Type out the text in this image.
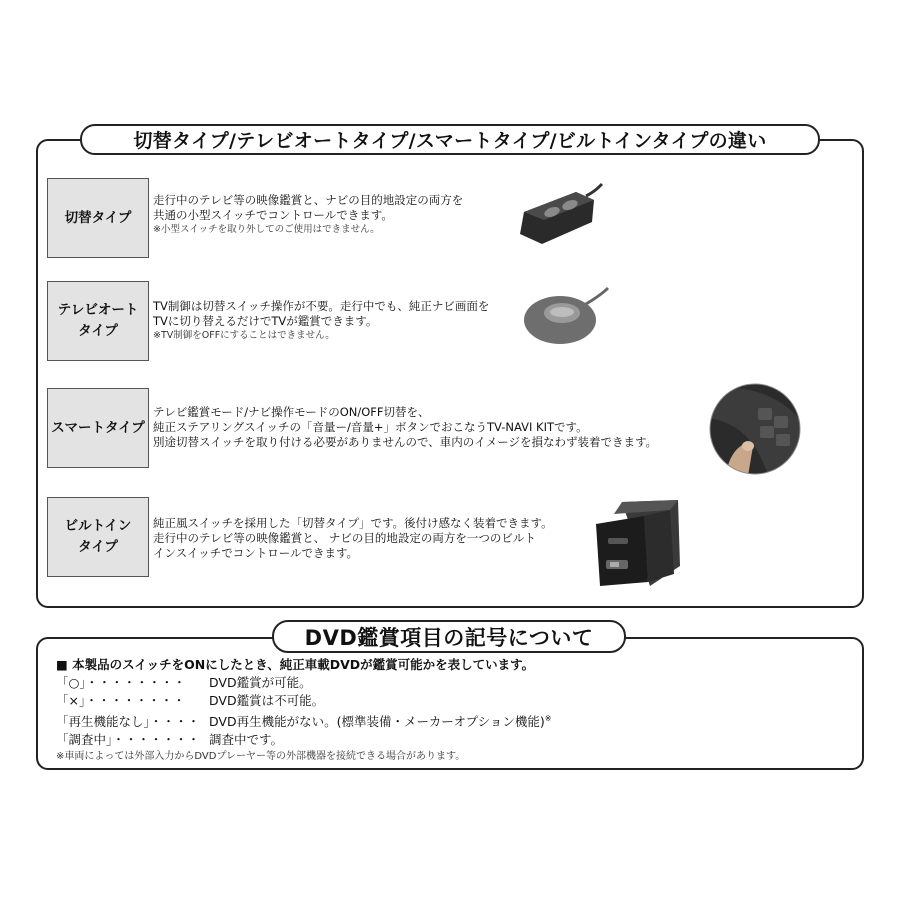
切替タイプ/テレビオートタイプ/スマートタイプ/ビルトインタイプの違い
切替タイプ
走行中のテレビ等の映像鑑賞と、ナビの目的地設定の両方を
共通の小型スイッチでコントロールできます。
※小型スイッチを取り外してのご使用はできません。
テレビオート
タイプ
TV制御は切替スイッチ操作が不要。走行中でも、純正ナビ画面を
TVに切り替えるだけでTVが鑑賞できます。
※TV制御をOFFにすることはできません。
スマートタイプ
テレビ鑑賞モード/ナビ操作モードのON/OFF切替を、
純正ステアリングスイッチの「音量ー/音量+」ボタンでおこなうTV-NAVI KITです。
別途切替スイッチを取り付ける必要がありませんので、車内のイメージを損なわず装着できます。
ビルトイン
タイプ
純正風スイッチを採用した「切替タイプ」です。後付け感なく装着できます。
走行中のテレビ等の映像鑑賞と、 ナビの目的地設定の両方を一つのビルト
インスイッチでコントロールできます。
DVD鑑賞項目の記号について
■ 本製品のスイッチをONにしたとき、純正車載DVDが鑑賞可能かを表しています。
「○」・・・・・・・・ DVD鑑賞が可能。
「×」・・・・・・・・ DVD鑑賞は不可能。
「再生機能なし」・・・・ DVD再生機能がない。(標準装備・メーカーオプション機能)※
「調査中」・・・・・・・ 調査中です。
※車両によっては外部入力からDVDプレーヤー等の外部機器を接続できる場合があります。
